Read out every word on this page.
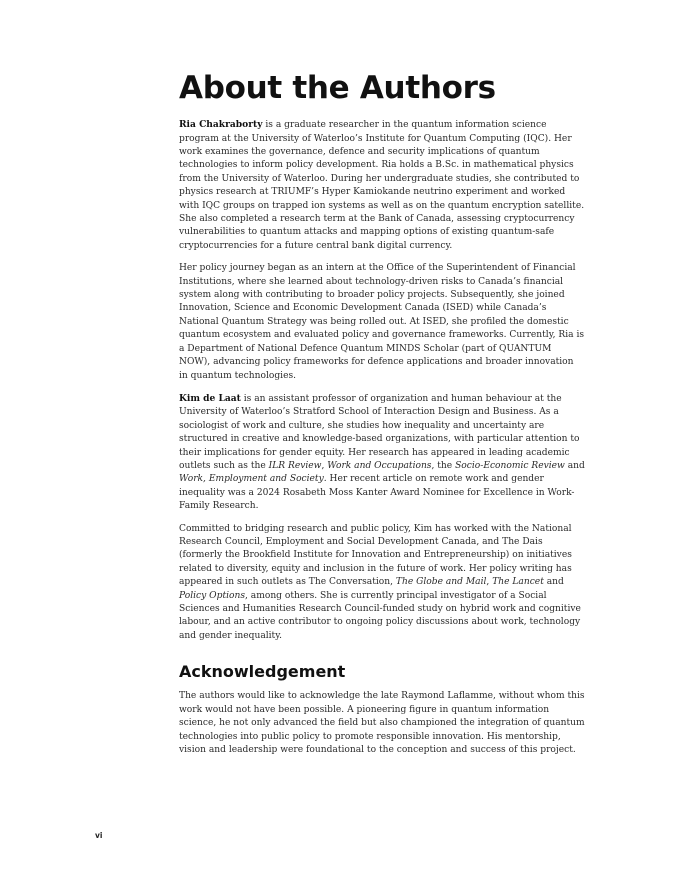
About the Authors

Ria Chakraborty is a graduate researcher in the quantum information science program at the University of Waterloo’s Institute for Quantum Computing (IQC). Her work examines the governance, defence and security implications of quantum technologies to inform policy development. Ria holds a B.Sc. in mathematical physics from the University of Waterloo. During her undergraduate studies, she contributed to physics research at TRIUMF’s Hyper Kamiokande neutrino experiment and worked with IQC groups on trapped ion systems as well as on the quantum encryption satellite. She also completed a research term at the Bank of Canada, assessing cryptocurrency vulnerabilities to quantum attacks and mapping options of existing quantum-safe cryptocurrencies for a future central bank digital currency.

Her policy journey began as an intern at the Office of the Superintendent of Financial Institutions, where she learned about technology-driven risks to Canada’s financial system along with contributing to broader policy projects. Subsequently, she joined Innovation, Science and Economic Development Canada (ISED) while Canada’s National Quantum Strategy was being rolled out. At ISED, she profiled the domestic quantum ecosystem and evaluated policy and governance frameworks. Currently, Ria is a Department of National Defence Quantum MINDS Scholar (part of QUANTUM NOW), advancing policy frameworks for defence applications and broader innovation in quantum technologies.

Kim de Laat is an assistant professor of organization and human behaviour at the University of Waterloo’s Stratford School of Interaction Design and Business. As a sociologist of work and culture, she studies how inequality and uncertainty are structured in creative and knowledge-based organizations, with particular attention to their implications for gender equity. Her research has appeared in leading academic outlets such as the ILR Review, Work and Occupations, the Socio-Economic Review and Work, Employment and Society. Her recent article on remote work and gender inequality was a 2024 Rosabeth Moss Kanter Award Nominee for Excellence in Work-Family Research.

Committed to bridging research and public policy, Kim has worked with the National Research Council, Employment and Social Development Canada, and The Dais (formerly the Brookfield Institute for Innovation and Entrepreneurship) on initiatives related to diversity, equity and inclusion in the future of work. Her policy writing has appeared in such outlets as The Conversation, The Globe and Mail, The Lancet and Policy Options, among others. She is currently principal investigator of a Social Sciences and Humanities Research Council-funded study on hybrid work and cognitive labour, and an active contributor to ongoing policy discussions about work, technology and gender inequality.

Acknowledgement

The authors would like to acknowledge the late Raymond Laflamme, without whom this work would not have been possible. A pioneering figure in quantum information science, he not only advanced the field but also championed the integration of quantum technologies into public policy to promote responsible innovation. His mentorship, vision and leadership were foundational to the conception and success of this project.

vi
